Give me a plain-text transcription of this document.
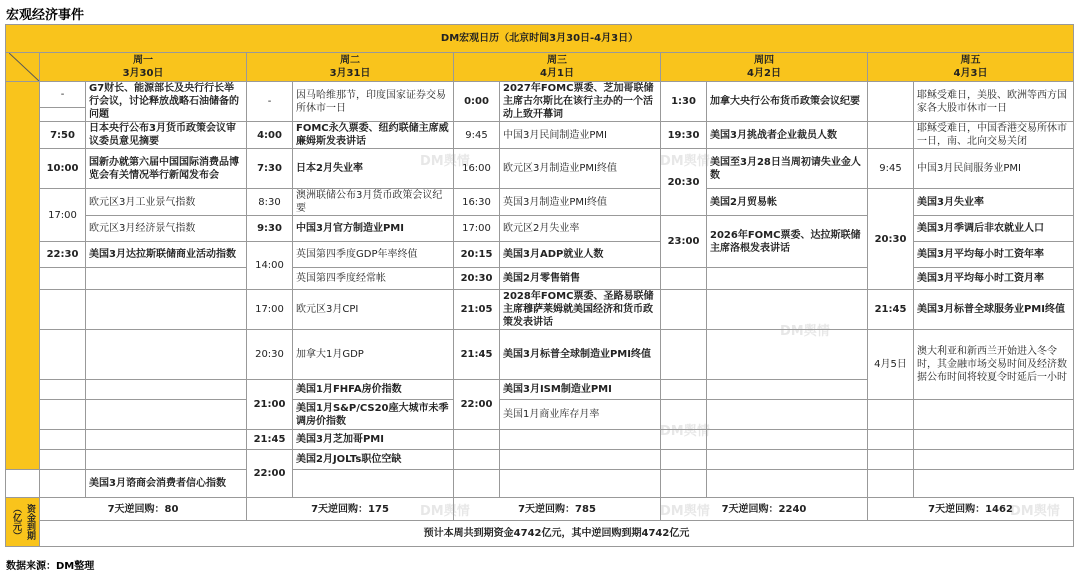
宏观经济事件
DM宏观日历（北京时间3月30日-4月3日）										

	周一
3月30日		周二
3月31日		周三
4月1日		周四
4月2日		周五
4月3日	
	-	G7财长、能源部长及央行行长举行会议，讨论释放战略石油储备的问题	-	因马哈维那节，印度国家证券交易所休市一日	0:00	2027年FOMC票委、芝加哥联储主席古尔斯比在该行主办的一个活动上致开幕词	1:30	加拿大央行公布货币政策会议纪要		耶稣受难日，美股、欧洲等西方国家各大股市休市一日

	7:50	日本央行公布3月货币政策会议审议委员意见摘要	4:00	FOMC永久票委、纽约联储主席威廉姆斯发表讲话	9:45	中国3月民间制造业PMI	19:30	美国3月挑战者企业裁员人数		耶稣受难日，中国香港交易所休市一日，南、北向交易关闭
	10:00	国新办就第六届中国国际消费品博览会有关情况举行新闻发布会	7:30	日本2月失业率	16:00	欧元区3月制造业PMI终值	20:30	美国至3月28日当周初请失业金人数	9:45	中国3月民间服务业PMI
	17:00	欧元区3月工业景气指数	8:30	澳洲联储公布3月货币政策会议纪要	16:30	英国3月制造业PMI终值		美国2月贸易帐	20:30	美国3月失业率
		欧元区3月经济景气指数	9:30	中国3月官方制造业PMI	17:00	欧元区2月失业率	23:00	2026年FOMC票委、达拉斯联储主席洛根发表讲话		美国3月季调后非农就业人口
	22:30	美国3月达拉斯联储商业活动指数	14:00	英国第四季度GDP年率终值	20:15	美国3月ADP就业人数				美国3月平均每小时工资年率
				英国第四季度经常帐	20:30	美国2月零售销售				美国3月平均每小时工资月率
			17:00	欧元区3月CPI	21:05	2028年FOMC票委、圣路易联储主席穆萨莱姆就美国经济和货币政策发表讲话			21:45	美国3月标普全球服务业PMI终值
			20:30	加拿大1月GDP	21:45	美国3月标普全球制造业PMI终值			4月5日	澳大利亚和新西兰开始进入冬令时，其金融市场交易时间及经济数据公布时间将较夏令时延后一小时
			21:00	美国1月FHFA房价指数	22:00	美国3月ISM制造业PMI				
				美国1月S&P/CS20座大城市未季调房价指数		美国1月商业库存月率				
			21:45	美国3月芝加哥PMI						
			22:00	美国2月JOLTs职位空缺						
		美国3月谘商会消费者信心指数								

（亿元） 资金到期	7天逆回购：80		7天逆回购：175		7天逆回购：785		7天逆回购：2240		7天逆回购：1462	
	预计本周共到期资金4742亿元，其中逆回购到期4742亿元									
数据来源：DM整理
DM舆情	DM舆情
DM舆情
DM舆情
DM舆情	DM舆情	DM舆情
